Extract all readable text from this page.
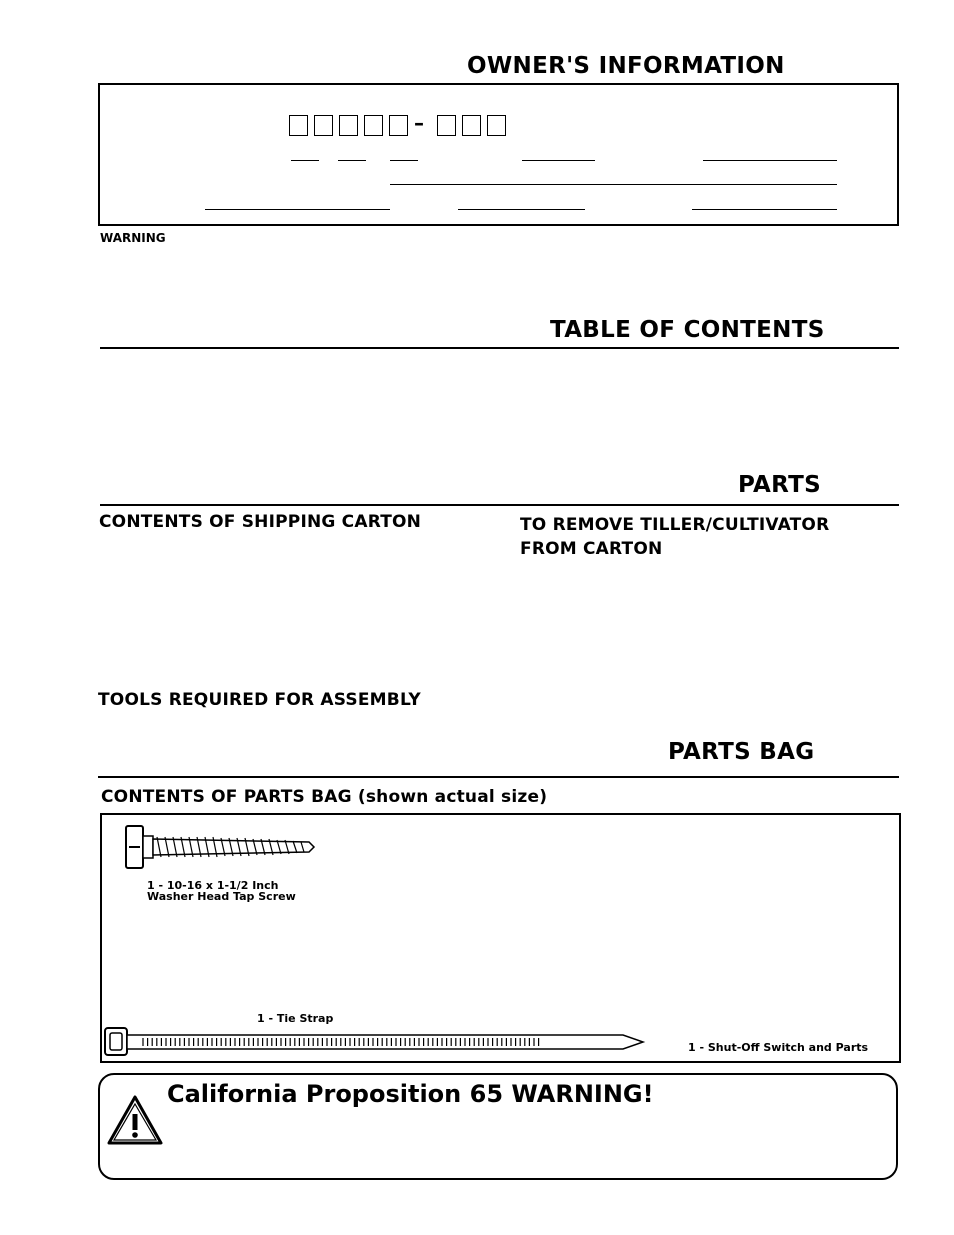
OWNER'S INFORMATION
–
WARNING
TABLE OF CONTENTS
PARTS
CONTENTS OF SHIPPING CARTON	TO REMOVE TILLER/CULTIVATOR
FROM CARTON
TOOLS REQUIRED FOR ASSEMBLY
PARTS BAG
CONTENTS OF PARTS BAG (shown actual size)
1 - 10-16 x 1-1/2 Inch
Washer Head Tap Screw
1 - Tie Strap
1 - Shut-Off Switch and Parts
California Proposition 65 WARNING!
